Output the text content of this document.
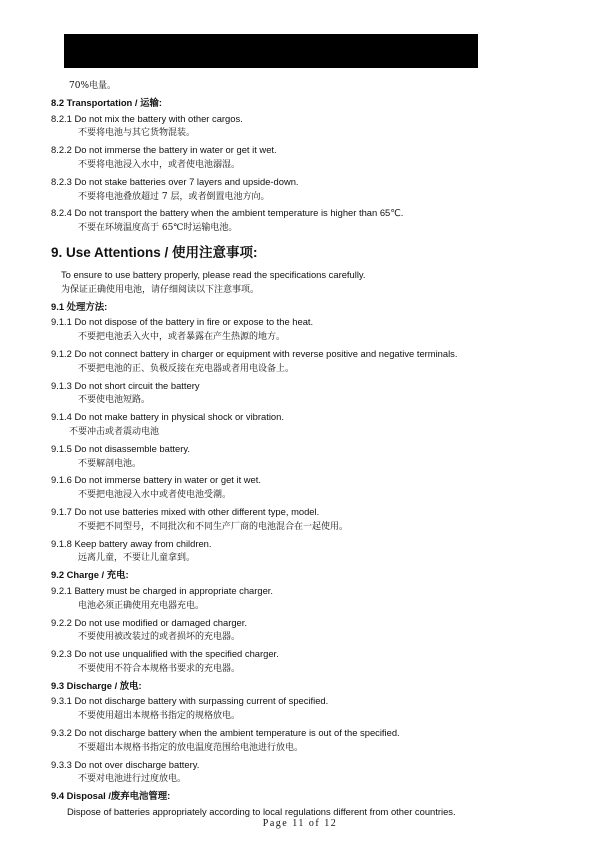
70%电量。
8.2 Transportation / 运输:
8.2.1 Do not mix the battery with other cargos.
不要将电池与其它货物混装。
8.2.2 Do not immerse the battery in water or get it wet.
不要将电池浸入水中，或者使电池溺湿。
8.2.3 Do not stake batteries over 7 layers and upside-down.
不要将电池叠放超过 7 层，或者倒置电池方向。
8.2.4 Do not transport the battery when the ambient temperature is higher than 65℃.
不要在环境温度高于 65℃时运输电池。
9. Use Attentions / 使用注意事项:
To ensure to use battery properly, please read the specifications carefully.
为保证正确使用电池，请仔细阅读以下注意事项。
9.1 处理方法:
9.1.1 Do not dispose of the battery in fire or expose to the heat.
不要把电池丢入火中，或者暴露在产生热源的地方。
9.1.2 Do not connect battery in charger or equipment with reverse positive and negative terminals.
不要把电池的正、负极反接在充电器或者用电设备上。
9.1.3 Do not short circuit the battery
不要使电池短路。
9.1.4 Do not make battery in physical shock or vibration.
不要冲击或者震动电池
9.1.5 Do not disassemble battery.
不要解剖电池。
9.1.6 Do not immerse battery in water or get it wet.
不要把电池浸入水中或者使电池受潮。
9.1.7 Do not use batteries mixed with other different type, model.
不要把不同型号，不同批次和不同生产厂商的电池混合在一起使用。
9.1.8 Keep battery away from children.
远离儿童，不要让儿童拿到。
9.2 Charge / 充电:
9.2.1 Battery must be charged in appropriate charger.
电池必须正确使用充电器充电。
9.2.2 Do not use modified or damaged charger.
不要使用被改装过的或者损坏的充电器。
9.2.3 Do not use unqualified with the specified charger.
不要使用不符合本规格书要求的充电器。
9.3 Discharge / 放电:
9.3.1 Do not discharge battery with surpassing current of specified.
不要使用超出本规格书指定的规格放电。
9.3.2 Do not discharge battery when the ambient temperature is out of the specified.
不要超出本规格书指定的放电温度范围给电池进行放电。
9.3.3 Do not over discharge battery.
不要对电池进行过度放电。
9.4 Disposal /废弃电池管理:
Dispose of batteries appropriately according to local regulations different from other countries.
Page 11 of 12
